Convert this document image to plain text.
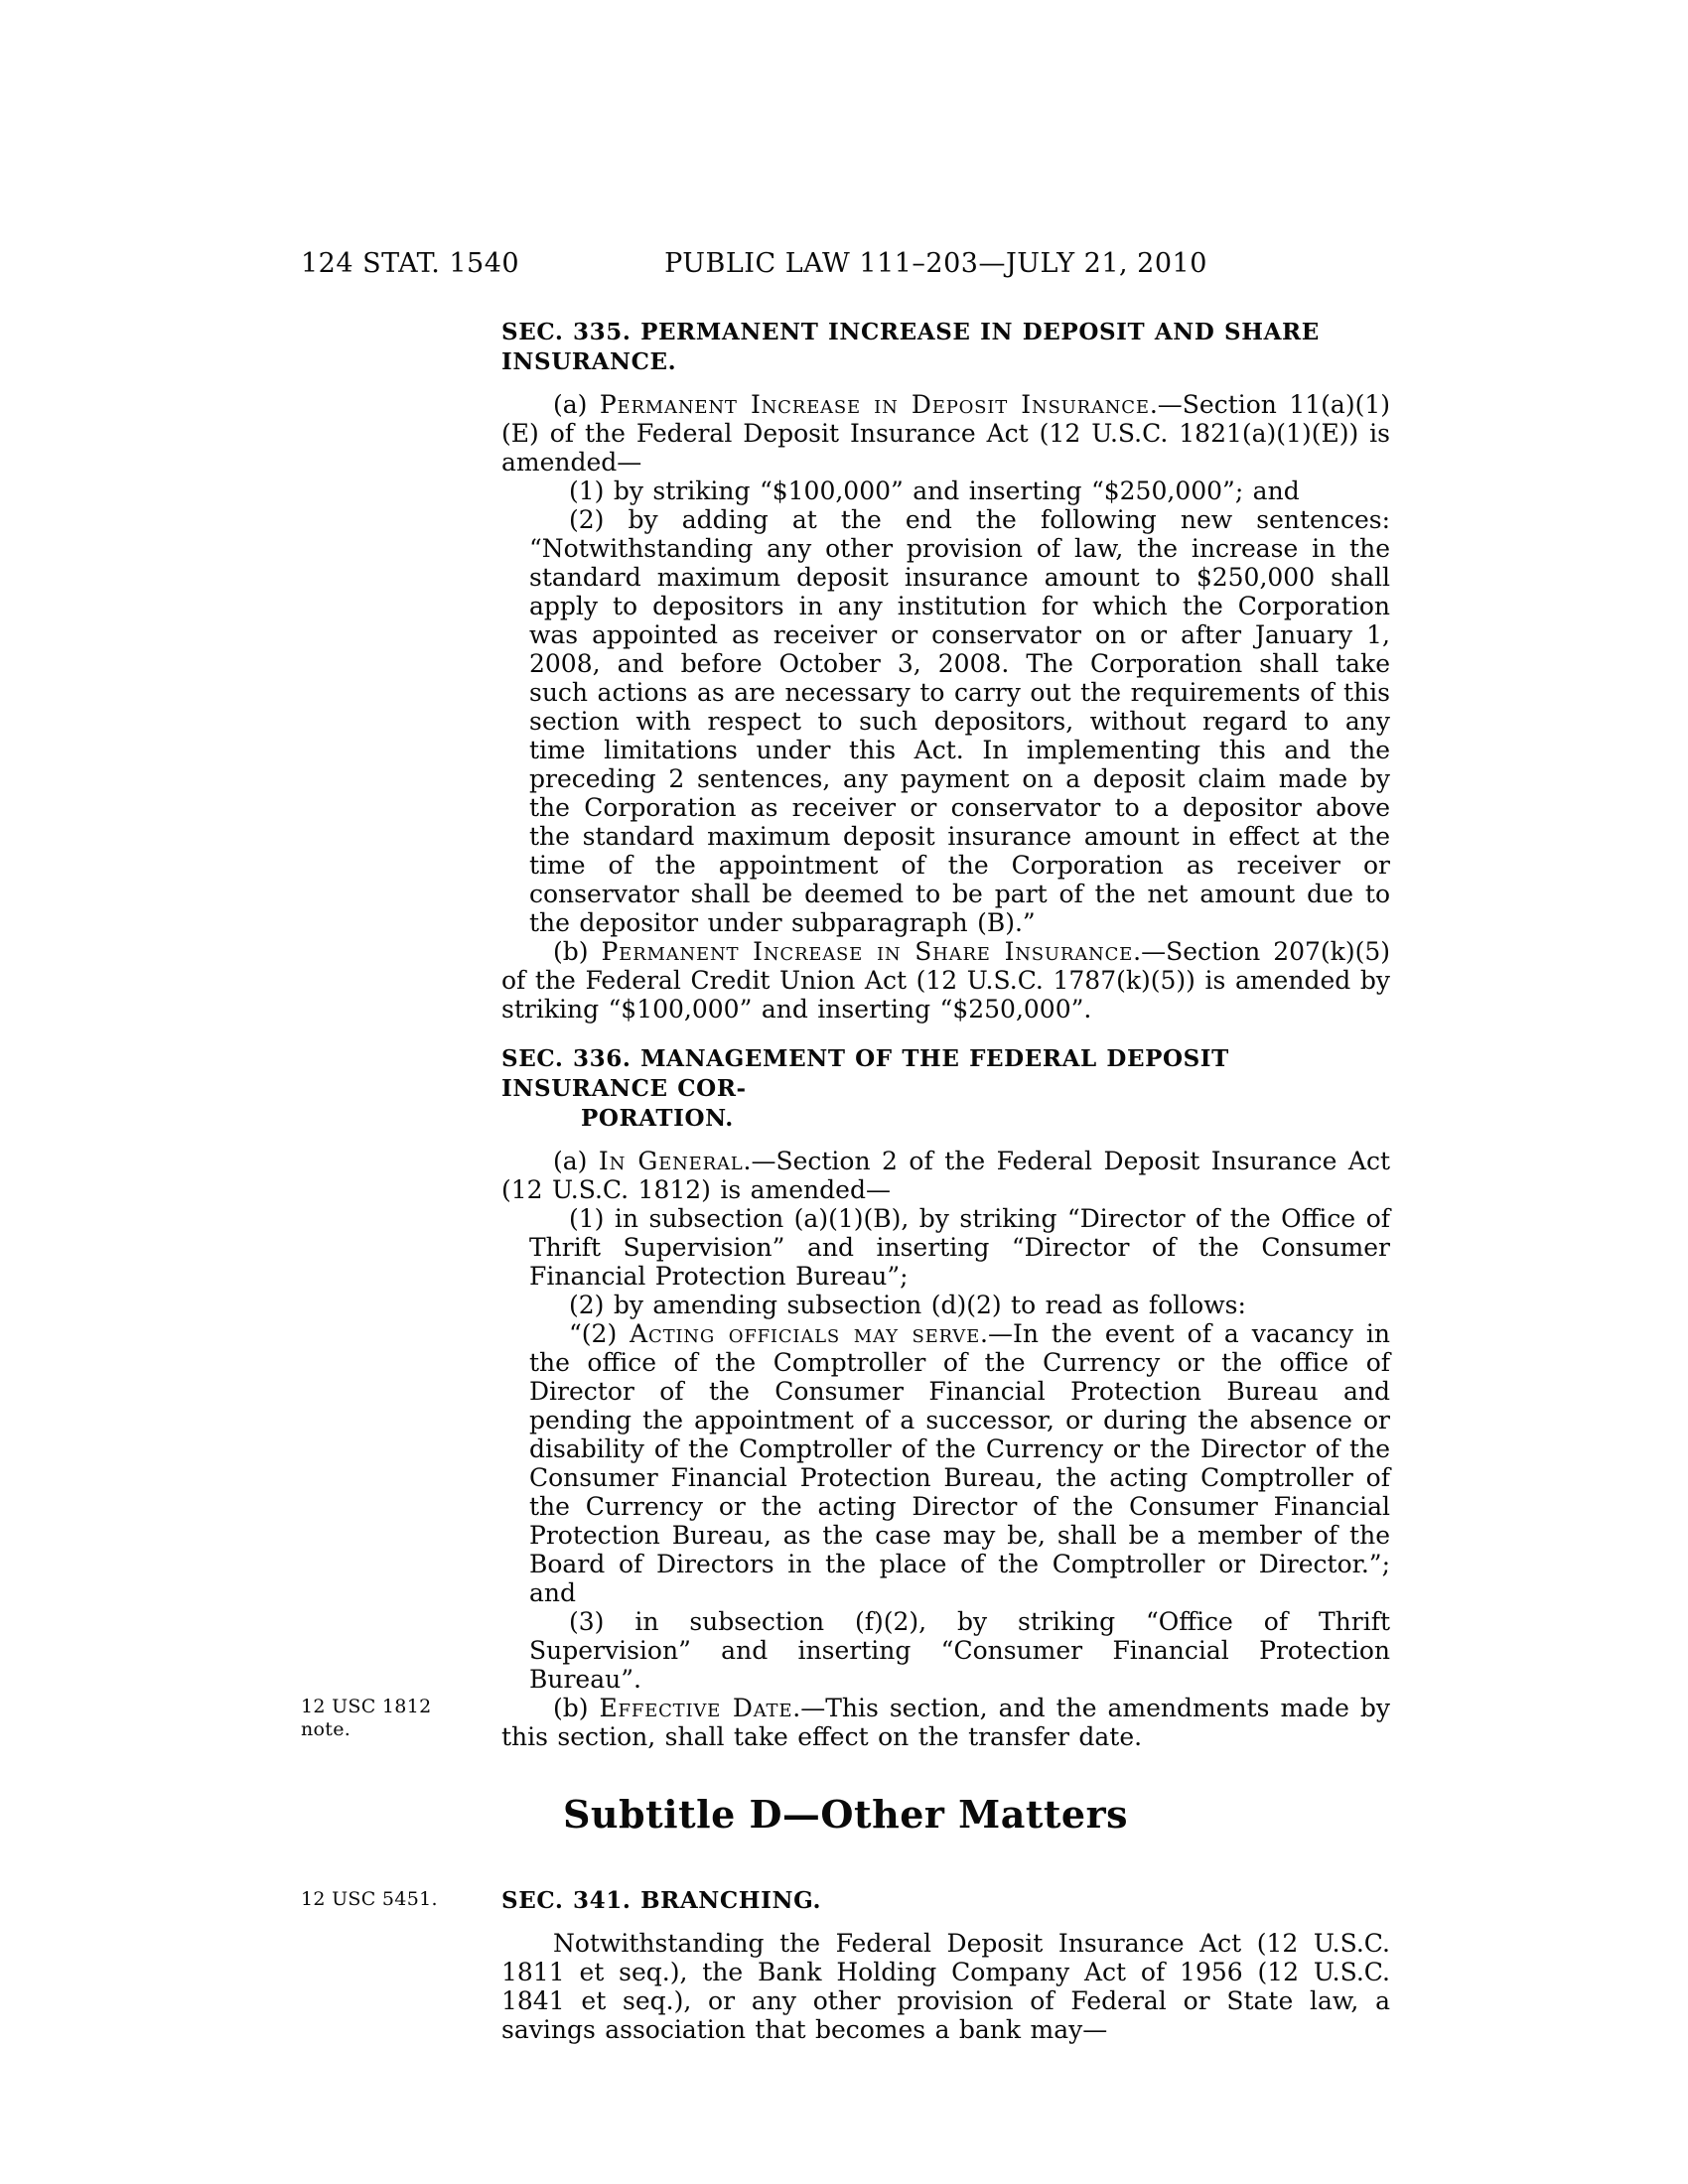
124 STAT. 1540	PUBLIC LAW 111–203—JULY 21, 2010
SEC. 335. PERMANENT INCREASE IN DEPOSIT AND SHARE INSURANCE.

(a) Permanent Increase in Deposit Insurance.—Section 11(a)(1)(E) of the Federal Deposit Insurance Act (12 U.S.C. 1821(a)(1)(E)) is amended—

(1) by striking “$100,000” and inserting “$250,000”; and

(2) by adding at the end the following new sentences: “Notwithstanding any other provision of law, the increase in the standard maximum deposit insurance amount to $250,000 shall apply to depositors in any institution for which the Corporation was appointed as receiver or conservator on or after January 1, 2008, and before October 3, 2008. The Corporation shall take such actions as are necessary to carry out the requirements of this section with respect to such depositors, without regard to any time limitations under this Act. In implementing this and the preceding 2 sentences, any payment on a deposit claim made by the Corporation as receiver or conservator to a depositor above the standard maximum deposit insurance amount in effect at the time of the appointment of the Corporation as receiver or conservator shall be deemed to be part of the net amount due to the depositor under subparagraph (B).”

(b) Permanent Increase in Share Insurance.—Section 207(k)(5) of the Federal Credit Union Act (12 U.S.C. 1787(k)(5)) is amended by striking “$100,000” and inserting “$250,000”.

SEC. 336. MANAGEMENT OF THE FEDERAL DEPOSIT INSURANCE COR-
PORATION.

(a) In General.—Section 2 of the Federal Deposit Insurance Act (12 U.S.C. 1812) is amended—

(1) in subsection (a)(1)(B), by striking “Director of the Office of Thrift Supervision” and inserting “Director of the Consumer Financial Protection Bureau”;

(2) by amending subsection (d)(2) to read as follows:

“(2) Acting officials may serve.—In the event of a vacancy in the office of the Comptroller of the Currency or the office of Director of the Consumer Financial Protection Bureau and pending the appointment of a successor, or during the absence or disability of the Comptroller of the Currency or the Director of the Consumer Financial Protection Bureau, the acting Comptroller of the Currency or the acting Director of the Consumer Financial Protection Bureau, as the case may be, shall be a member of the Board of Directors in the place of the Comptroller or Director.”; and

(3) in subsection (f)(2), by striking “Office of Thrift Supervision” and inserting “Consumer Financial Protection Bureau”.

(b) Effective Date.—This section, and the amendments made by this section, shall take effect on the transfer date.
12 USC 1812
note.

Subtitle D—Other Matters
SEC. 341. BRANCHING.
12 USC 5451.

Notwithstanding the Federal Deposit Insurance Act (12 U.S.C. 1811 et seq.), the Bank Holding Company Act of 1956 (12 U.S.C. 1841 et seq.), or any other provision of Federal or State law, a savings association that becomes a bank may—
